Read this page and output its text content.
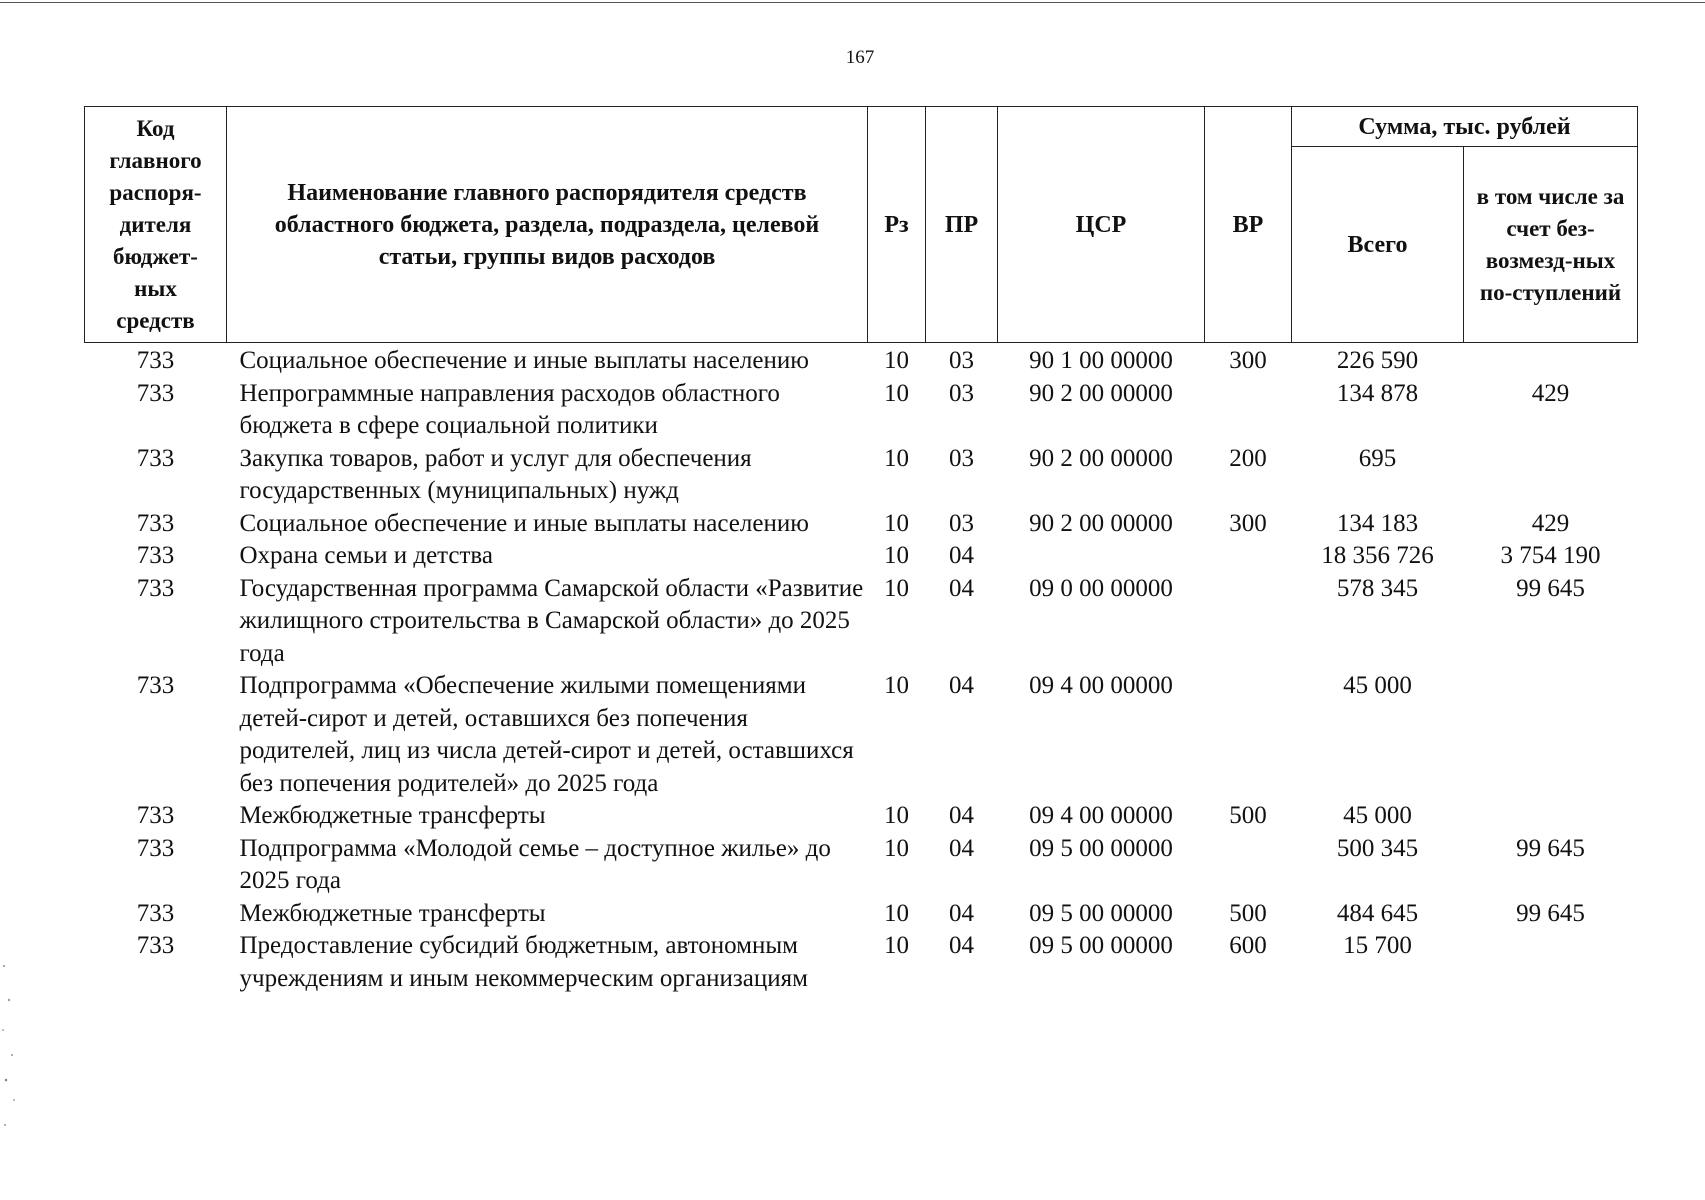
167
Код главного распоря-дителя бюджет-ных средств	Наименование главного распорядителя средств областного бюджета, раздела, подраздела, целевой статьи, группы видов расходов	Рз	ПР	ЦСР	ВР	Сумма, тыс. рублей	
						Всего	в том числе за счет без-возмезд-ных по-ступлений

733	Социальное обеспечение и иные выплаты населению	10	03	90 1 00 00000	300	226 590	
733	Непрограммные направления расходов областного бюджета в сфере социальной политики	10	03	90 2 00 00000		134 878	429
733	Закупка товаров, работ и услуг для обеспечения государственных (муниципальных) нужд	10	03	90 2 00 00000	200	695	
733	Социальное обеспечение и иные выплаты населению	10	03	90 2 00 00000	300	134 183	429
733	Охрана семьи и детства	10	04			18 356 726	3 754 190
733	Государственная программа Самарской области «Развитие жилищного строительства в Самарской области» до 2025 года	10	04	09 0 00 00000		578 345	99 645
733	Подпрограмма «Обеспечение жилыми помещениями детей-сирот и детей, оставшихся без попечения родителей, лиц из числа детей-сирот и детей, оставшихся без попечения родителей» до 2025 года	10	04	09 4 00 00000		45 000	
733	Межбюджетные трансферты	10	04	09 4 00 00000	500	45 000	
733	Подпрограмма «Молодой семье – доступное жилье» до 2025 года	10	04	09 5 00 00000		500 345	99 645
733	Межбюджетные трансферты	10	04	09 5 00 00000	500	484 645	99 645
733	Предоставление субсидий бюджетным, автономным учреждениям и иным некоммерческим организациям	10	04	09 5 00 00000	600	15 700	
